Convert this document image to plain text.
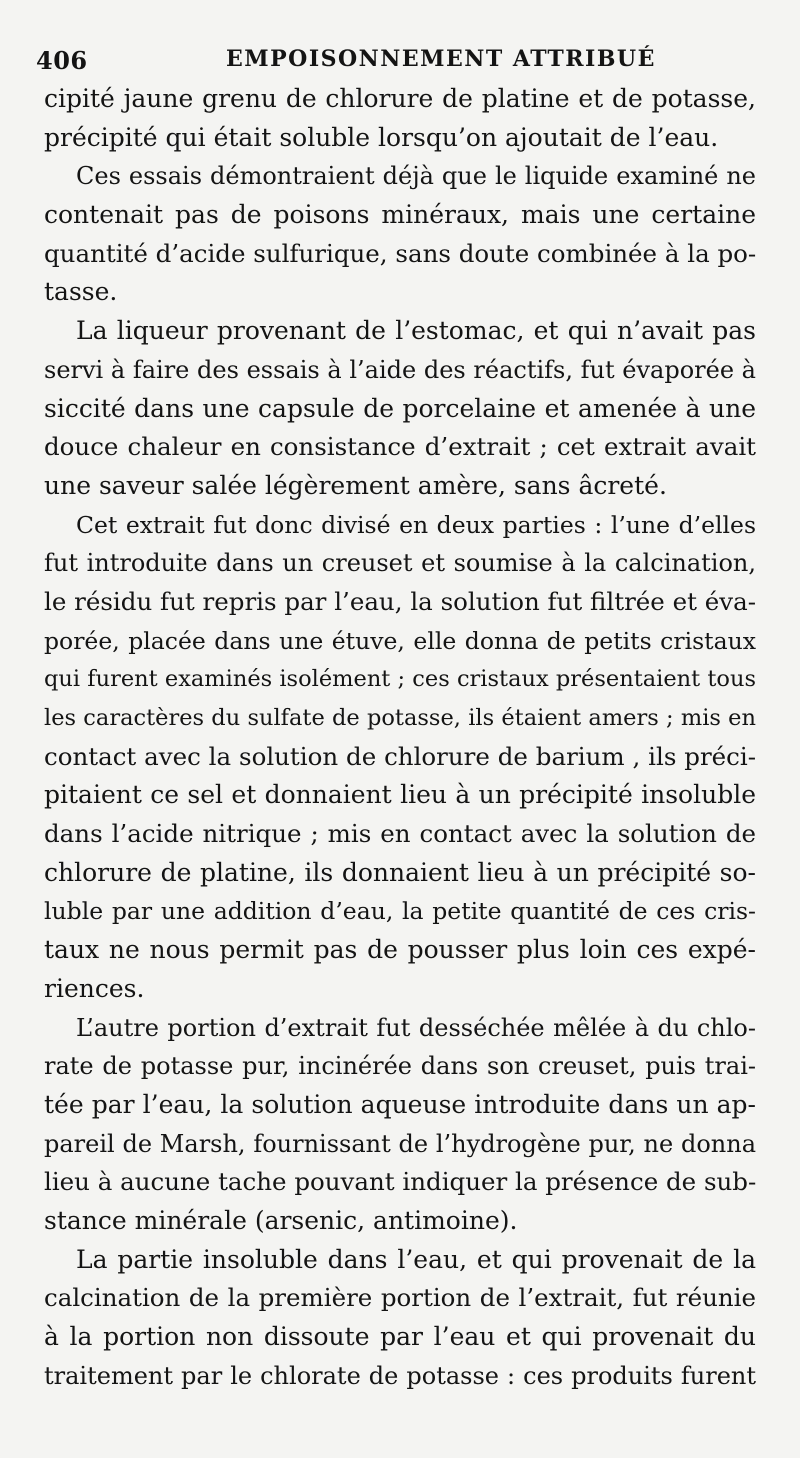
406	EMPOISONNEMENT ATTRIBUÉ
cipité jaune grenu de chlorure de platine et de potasse,
précipité qui était soluble lorsqu’on ajoutait de l’eau.
Ces essais démontraient déjà que le liquide examiné ne
contenait pas de poisons minéraux, mais une certaine
quantité d’acide sulfurique, sans doute combinée à la po-
tasse.
La liqueur provenant de l’estomac, et qui n’avait pas
servi à faire des essais à l’aide des réactifs, fut évaporée à
siccité dans une capsule de porcelaine et amenée à une
douce chaleur en consistance d’extrait ; cet extrait avait
une saveur salée légèrement amère, sans âcreté.
Cet extrait fut donc divisé en deux parties : l’une d’elles
fut introduite dans un creuset et soumise à la calcination,
le résidu fut repris par l’eau, la solution fut filtrée et éva-
porée, placée dans une étuve, elle donna de petits cristaux
qui furent examinés isolément ; ces cristaux présentaient tous
les caractères du sulfate de potasse, ils étaient amers ; mis en
contact avec la solution de chlorure de barium , ils préci-
pitaient ce sel et donnaient lieu à un précipité insoluble
dans l’acide nitrique ; mis en contact avec la solution de
chlorure de platine, ils donnaient lieu à un précipité so-
luble par une addition d’eau, la petite quantité de ces cris-
taux ne nous permit pas de pousser plus loin ces expé-
riences.
L’autre portion d’extrait fut desséchée mêlée à du chlo-
rate de potasse pur, incinérée dans son creuset, puis trai-
tée par l’eau, la solution aqueuse introduite dans un ap-
pareil de Marsh, fournissant de l’hydrogène pur, ne donna
lieu à aucune tache pouvant indiquer la présence de sub-
stance minérale (arsenic, antimoine).
La partie insoluble dans l’eau, et qui provenait de la
calcination de la première portion de l’extrait, fut réunie
à la portion non dissoute par l’eau et qui provenait du
traitement par le chlorate de potasse : ces produits furent
